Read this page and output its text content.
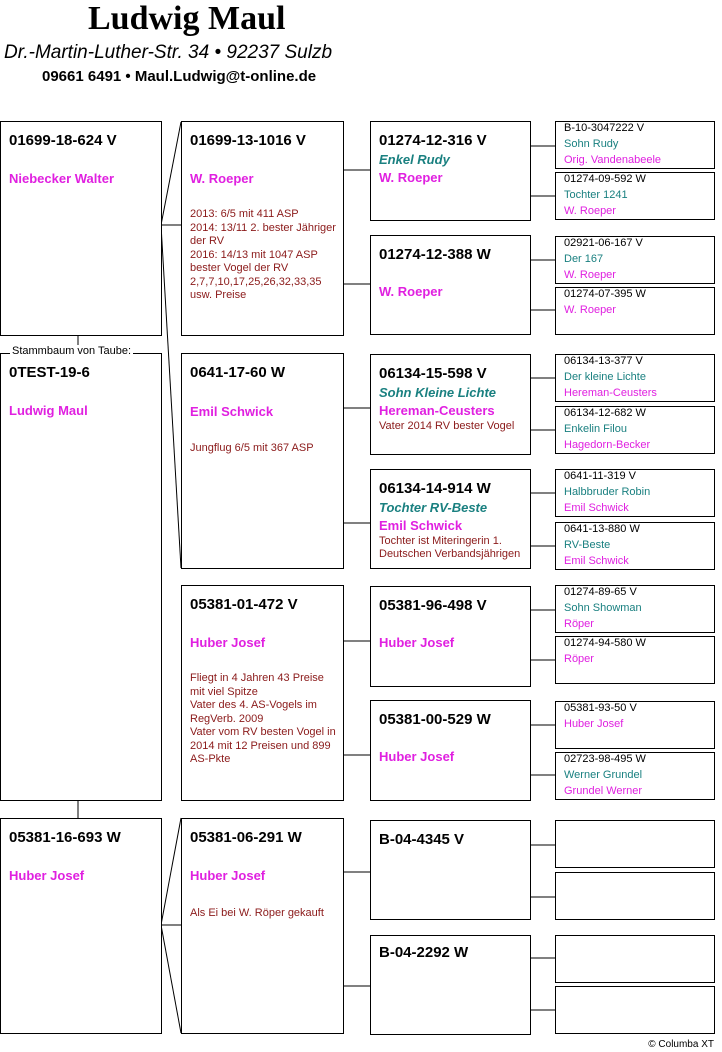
Ludwig Maul
Dr.-Martin-Luther-Str. 34 • 92237 Sulzb
09661 6491 • Maul.Ludwig@t-online.de
01699-18-624 V
Niebecker Walter
0TEST-19-6
Ludwig Maul
Stammbaum von Taube:
05381-16-693 W
Huber Josef
01699-13-1016 V
W. Roeper
2013: 6/5 mit 411 ASP
2014: 13/11 2. bester Jähriger der RV
2016: 14/13 mit 1047 ASP bester Vogel der RV
2,7,7,10,17,25,26,32,33,35 usw. Preise
0641-17-60 W
Emil Schwick
Jungflug 6/5 mit 367 ASP
05381-01-472 V
Huber Josef
Fliegt in 4 Jahren 43 Preise mit viel Spitze
Vater des 4. AS-Vogels im RegVerb. 2009
Vater vom RV besten Vogel in 2014 mit 12 Preisen und 899 AS-Pkte
05381-06-291 W
Huber Josef
Als Ei bei W. Röper gekauft
01274-12-316 V
Enkel Rudy
W. Roeper
01274-12-388 W
W. Roeper
06134-15-598 V
Sohn Kleine Lichte
Hereman-Ceusters
Vater 2014 RV bester Vogel
06134-14-914 W
Tochter RV-Beste
Emil Schwick
Tochter ist Miteringerin 1. Deutschen Verbandsjährigen
05381-96-498 V
Huber Josef
05381-00-529 W
Huber Josef
B-04-4345 V
B-04-2292 W
B-10-3047222 V
Sohn Rudy
Orig. Vandenabeele
01274-09-592 W
Tochter 1241
W. Roeper
02921-06-167 V
Der 167
W. Roeper
01274-07-395 W
W. Roeper
06134-13-377 V
Der kleine Lichte
Hereman-Ceusters
06134-12-682 W
Enkelin Filou
Hagedorn-Becker
0641-11-319 V
Halbbruder Robin
Emil Schwick
0641-13-880 W
RV-Beste
Emil Schwick
01274-89-65 V
Sohn Showman
Röper
01274-94-580 W
Röper
05381-93-50 V
Huber Josef
02723-98-495 W
Werner Grundel
Grundel Werner
© Columba XT
